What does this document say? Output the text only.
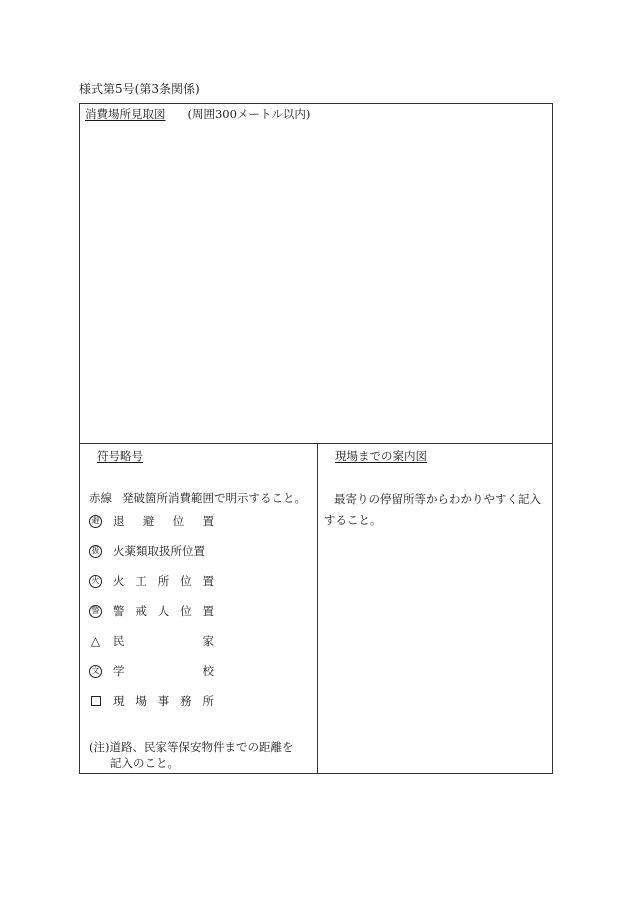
様式第5号(第3条関係)
消費場所見取図 (周囲300メートル以内)
符号略号
赤線 発破箇所消費範囲で明示すること。
避 退 避 位 置
扱 火薬類取扱所位置
火 火 工 所 位 置
警 警 戒 人 位 置
△ 民	家
文 学	校
現 場 事 務 所
(注)道路、民家等保安物件までの距離を
記入のこと。
現場までの案内図
最寄りの停留所等からわかりやすく記入すること。
